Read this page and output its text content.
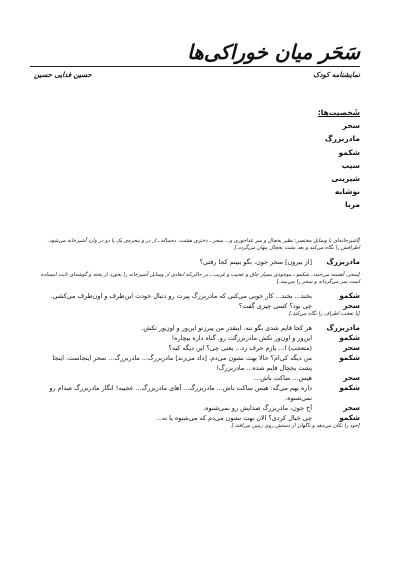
سَحَر میان خوراکی‌ها
نمایشنامه کودک
حسین فدایی حسین
شَخصیت‌ها:
سحر
مادربزرگ
شکمو
سیب
شیرینی
نوشابه
مربا
[آشپزخانه‌ای با وسایل مختصر: نظیر یخچال و میز غذاخوری و... سحر ـ دختری هشت، ده‌ساله ـ از در و پنجره‌ی یک یا دو در وارد آشپزخانه می‌شود. اطرافش را نگاه می‌کند و بعد بشت یخچال پنهان می‌گردد.]
مادربزرگ
[از بیرون] سحر جون، بگو ببینم کجا رفتی؟
[سحر، آهسته می‌خندد. شکمو ـ موجودی بسیار چاق و عجیب و غریب ـ در حالی‌که ابعادی از وسایل آشپزخانه را بخورد از پخته و گوشه‌ای ثابت ایستاده است سر می‌گرداند و سحر را می‌بیند.]
شکمو
بخند... بخند... کار خوبی می‌کنی که مادربزرگ پیرت رو دنبال خودت این‌طرف و اون‌طرف می‌کشی.
سحر
چی بود؟ کسی چیزی گفت؟
[با تعجب اطراف را نگاه می‌کند.]
مادربزرگ
هر کجا قایم شدی بگو ننه. اینقدر من پیرزنو این‌ور و اون‌ور نکش.
شکمو
این‌ور و اون‌ور نکش مادربزرگت رو. گناه داره بیچاره!
سحر
(متعجب) ا... یازم حرف زد... یعنی چی؟ این دیگه کیه؟
شکمو
من دیگه کی‌ام؟ حالا بهت نشون می‌دم. [داد می‌زند] مادربزرگ... مادربزرگ... سحر اینجاست. اینجا پشت یخچال قایم شده... مادربزرگ!
سحر
هیس... ساکت باش...
شکمو
داره بهم می‌گه: هیس ساکت باش... مادربزرگ... آهای مادربزرگ... عجیبه! انگار مادربزرگ صدام رو نمی‌شنوه.
سحر
آخ جون، مادربزرگ صدایش رو نمی‌شنوه.
شکمو
چی خیال کردی؟ الان بهت نشون می‌دم که می‌شنوه یا نه...
[خود را تکان می‌دهد و ناگهان از دستش روی زمین می‌افتد.]
